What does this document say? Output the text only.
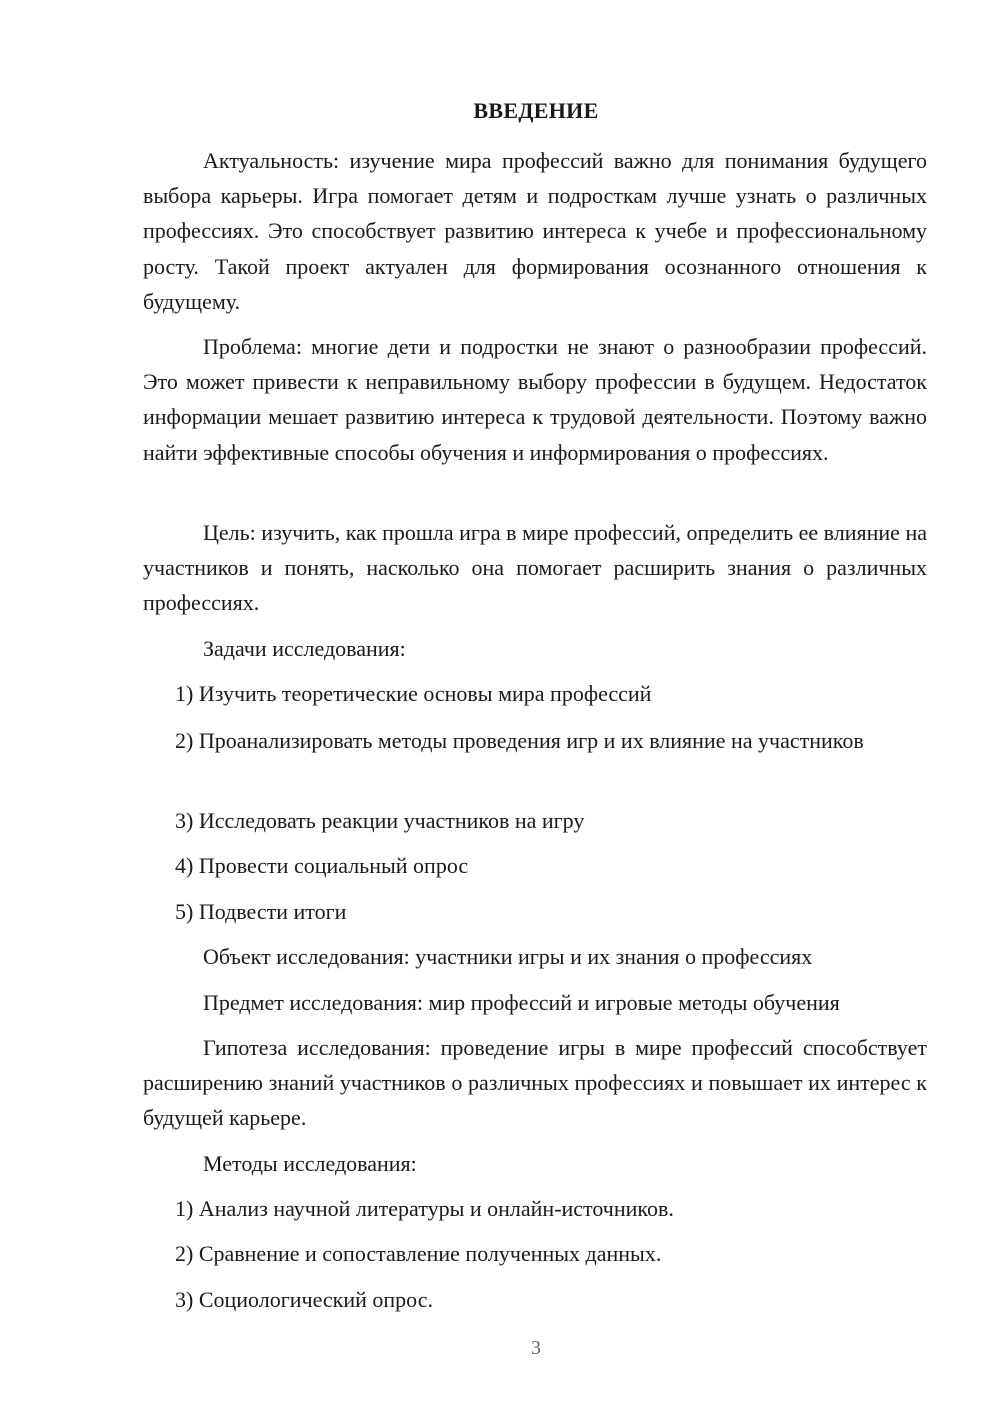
ВВЕДЕНИЕ

Актуальность: изучение мира профессий важно для понимания будущего выбора карьеры. Игра помогает детям и подросткам лучше узнать о различных профессиях. Это способствует развитию интереса к учебе и профессиональному росту. Такой проект актуален для формирования осознанного отношения к будущему.

Проблема: многие дети и подростки не знают о разнообразии профессий. Это может привести к неправильному выбору профессии в будущем. Недостаток информации мешает развитию интереса к трудовой деятельности. Поэтому важно найти эффективные способы обучения и информирования о профессиях.

Цель: изучить, как прошла игра в мире профессий, определить ее влияние на участников и понять, насколько она помогает расширить знания о различных профессиях.

Задачи исследования:

1) Изучить теоретические основы мира профессий

2) Проанализировать методы проведения игр и их влияние на участников

3) Исследовать реакции участников на игру

4) Провести социальный опрос

5) Подвести итоги

Объект исследования: участники игры и их знания о профессиях

Предмет исследования: мир профессий и игровые методы обучения

Гипотеза исследования: проведение игры в мире профессий способствует расширению знаний участников о различных профессиях и повышает их интерес к будущей карьере.

Методы исследования:

1) Анализ научной литературы и онлайн-источников.

2) Сравнение и сопоставление полученных данных.

3) Социологический опрос.

3
